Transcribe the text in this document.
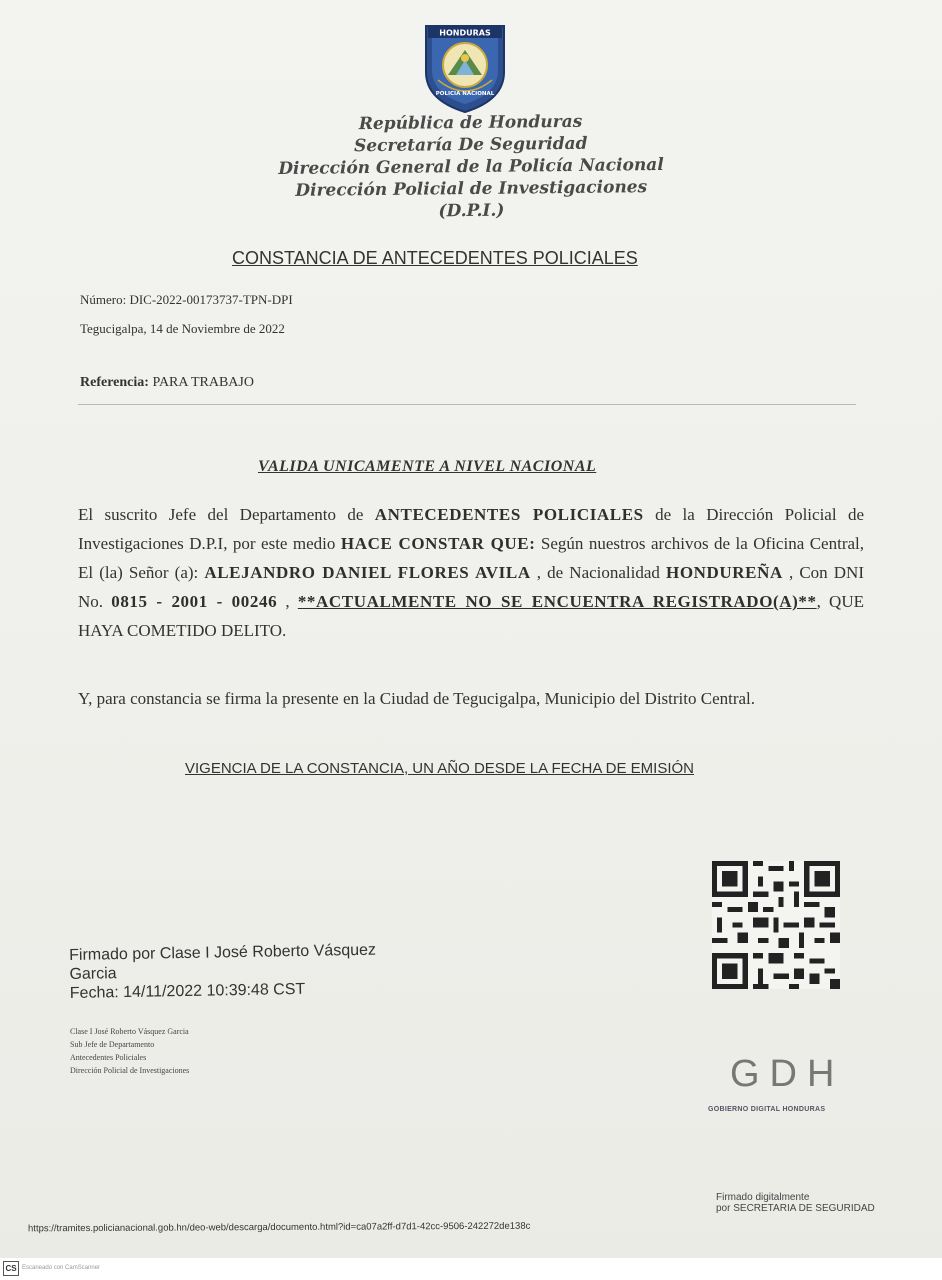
HONDURAS
POLICIA NACIONAL
República de Honduras
Secretaría De Seguridad
Dirección General de la Policía Nacional
Dirección Policial de Investigaciones
(D.P.I.)
CONSTANCIA DE ANTECEDENTES POLICIALES
Número: DIC-2022-00173737-TPN-DPI
Tegucigalpa, 14 de Noviembre de 2022
Referencia: PARA TRABAJO
VALIDA UNICAMENTE A NIVEL NACIONAL
El suscrito Jefe del Departamento de ANTECEDENTES POLICIALES de la Dirección Policial de Investigaciones D.P.I, por este medio HACE CONSTAR QUE: Según nuestros archivos de la Oficina Central, El (la) Señor (a): ALEJANDRO DANIEL FLORES AVILA , de Nacionalidad HONDUREÑA , Con DNI No. 0815 - 2001 - 00246 , **ACTUALMENTE NO SE ENCUENTRA REGISTRADO(A)**, QUE HAYA COMETIDO DELITO.
Y, para constancia se firma la presente en la Ciudad de Tegucigalpa, Municipio del Distrito Central.
VIGENCIA DE LA CONSTANCIA, UN AÑO DESDE LA FECHA DE EMISIÓN
Firmado por Clase I José Roberto Vásquez
Garcia
Fecha: 14/11/2022 10:39:48 CST
Clase I José Roberto Vásquez Garcia
Sub Jefe de Departamento
Antecedentes Policiales
Dirección Policial de Investigaciones	GDH
GOBIERNO DIGITAL HONDURAS
Firmado digitalmente
por SECRETARIA DE SEGURIDAD
https://tramites.policianacional.gob.hn/deo-web/descarga/documento.html?id=ca07a2ff-d7d1-42cc-9506-242272de138c
CS Escaneado con CamScanner
